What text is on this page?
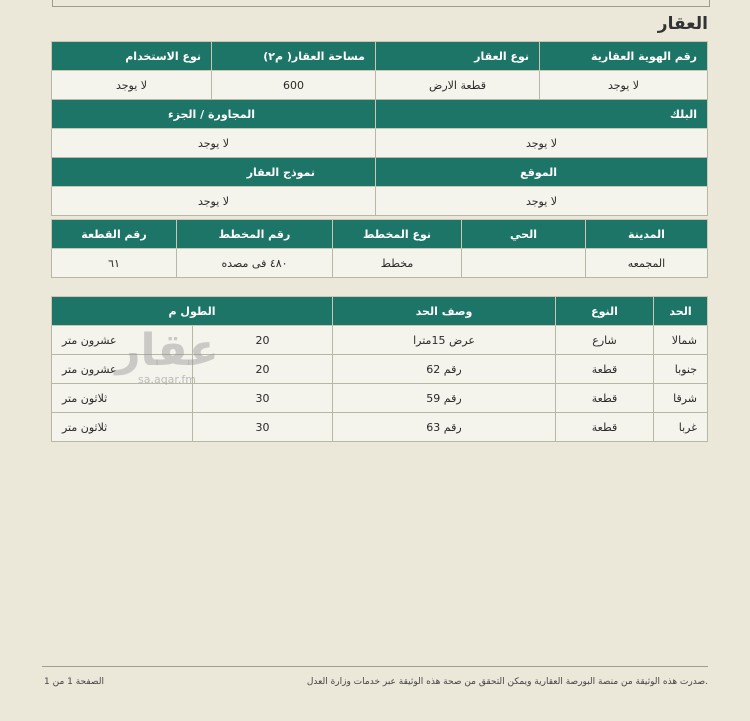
العقار
رقم الهوية العقارية	نوع العقار	مساحة العقار( م٢)	نوع الاستخدام
لا يوجد	قطعة الارض	600	لا يوجد
البلك		المجاورة / الجزء	
لا يوجد		لا يوجد	
الموقع		نموذج العقار	
لا يوجد		لا يوجد	
المدينة	الحي	نوع المخطط	رقم المخطط	رقم القطعة
المجمعه		مخطط	٤٨٠ فى مصده	٦١
الحد	النوع	وصف الحد	الطول م	
شمالا	شارع	عرض 15مترا	20	عشرون متر
جنوبا	قطعة	رقم 62	20	عشرون متر
شرقا	قطعة	رقم 59	30	ثلاثون متر
غربا	قطعة	رقم 63	30	ثلاثون متر
عقار
sa.aqar.fm
صدرت هذه الوثيقة من منصة البورصة العقارية ويمكن التحقق من صحة هذه الوثيقة عبر خدمات وزارة العدل.
الصفحة 1 من 1
